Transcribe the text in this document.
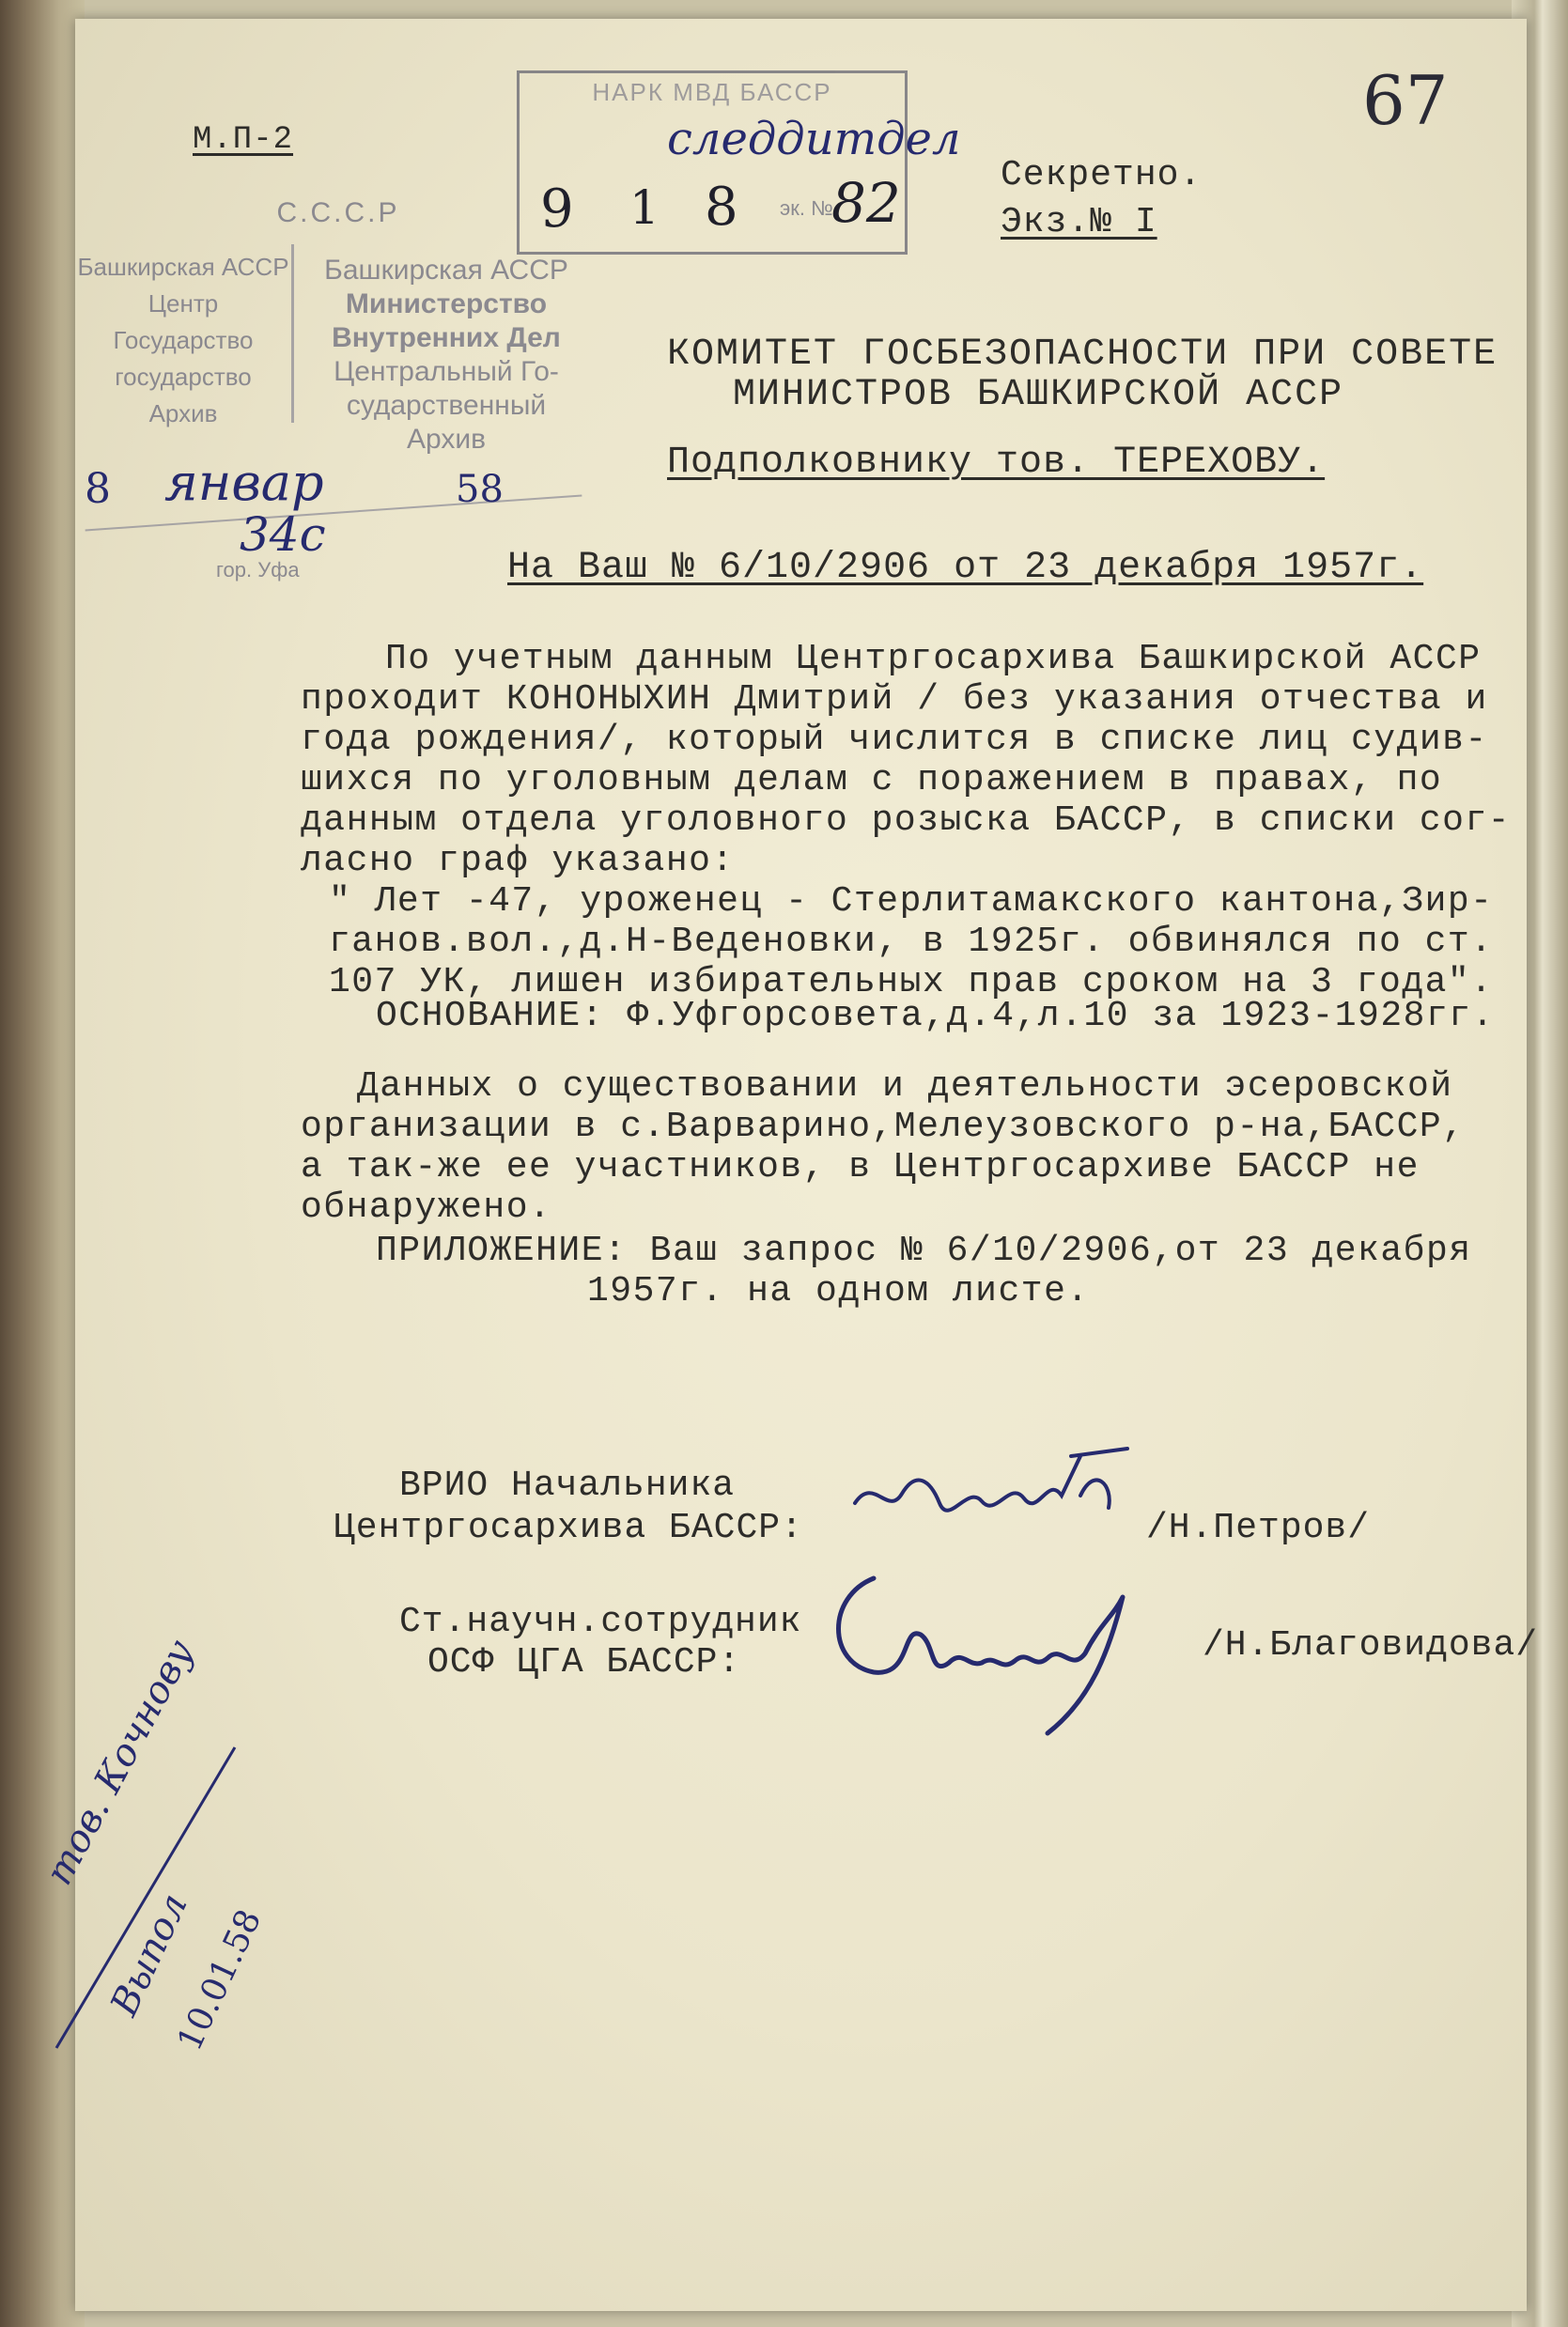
М.П-2	67
НАРК МВД БАССР
следдитдел
9 1 8 эк. №
82	Секретно.
Экз.№ I
С.С.С.Р
Башкирская АССР
Центр
Государство
государство
Архив
Башкирская АССР
Министерство
Внутренних Дел
Центральный Го-
сударственный
Архив
8 январ	58
34с
гор. Уфа
КОМИТЕТ ГОСБЕЗОПАСНОСТИ ПРИ СОВЕТЕ
МИНИСТРОВ БАШКИРСКОЙ АССР
Подполковнику тов. ТЕРЕХОВУ.
На Ваш № 6/10/2906 от 23 декабря 1957г.
По учетным данным Центргосархива Башкирской АССР
проходит КОНОНЫХИН Дмитрий / без указания отчества и
года рождения/, который числится в списке лиц судив-
шихся по уголовным делам с поражением в правах, по
данным отдела уголовного розыска БАССР, в списки сог-
ласно граф указано:
" Лет -47, уроженец - Стерлитамакского кантона,Зир-
ганов.вол.,д.Н-Веденовки, в 1925г. обвинялся по ст.
107 УК, лишен избирательных прав сроком на 3 года".
ОСНОВАНИЕ: Ф.Уфгорсовета,д.4,л.10 за 1923-1928гг.
Данных о существовании и деятельности эсеровской
организации в с.Варварино,Мелеузовского р-на,БАССР,
а так-же ее участников, в Центргосархиве БАССР не
обнаружено.
ПРИЛОЖЕНИЕ: Ваш запрос № 6/10/2906,от 23 декабря
1957г. на одном листе.
ВРИО Начальника
Центргосархива БАССР:	/Н.Петров/
Ст.научн.сотрудник
ОСФ ЦГА БАССР:	/Н.Благовидова/
тов. Кочнову
Выпол
10.01.58
